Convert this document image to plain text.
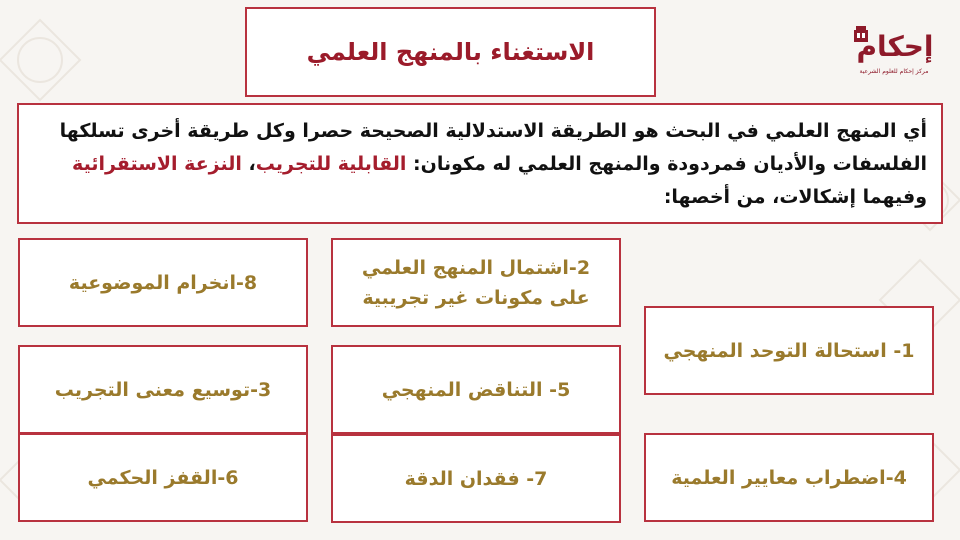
الاستغناء بالمنهج العلمي	إحكام
مركز إحكام للعلوم الشرعية
أي المنهج العلمي في البحث هو الطريقة الاستدلالية الصحيحة حصرا وكل طريقة أخرى تسلكها الفلسفات والأديان فمردودة والمنهج العلمي له مكونان: القابلية للتجريب، النزعة الاستقرائية وفيهما إشكالات، من أخصها:
8-انخرام الموضوعية
2-اشتمال المنهج العلمي على مكونات غير تجريبية
1- استحالة التوحد المنهجي
3-توسيع معنى التجريب	5- التناقض المنهجي
6-القفز الحكمي	7- فقدان الدقة	4-اضطراب معايير العلمية
